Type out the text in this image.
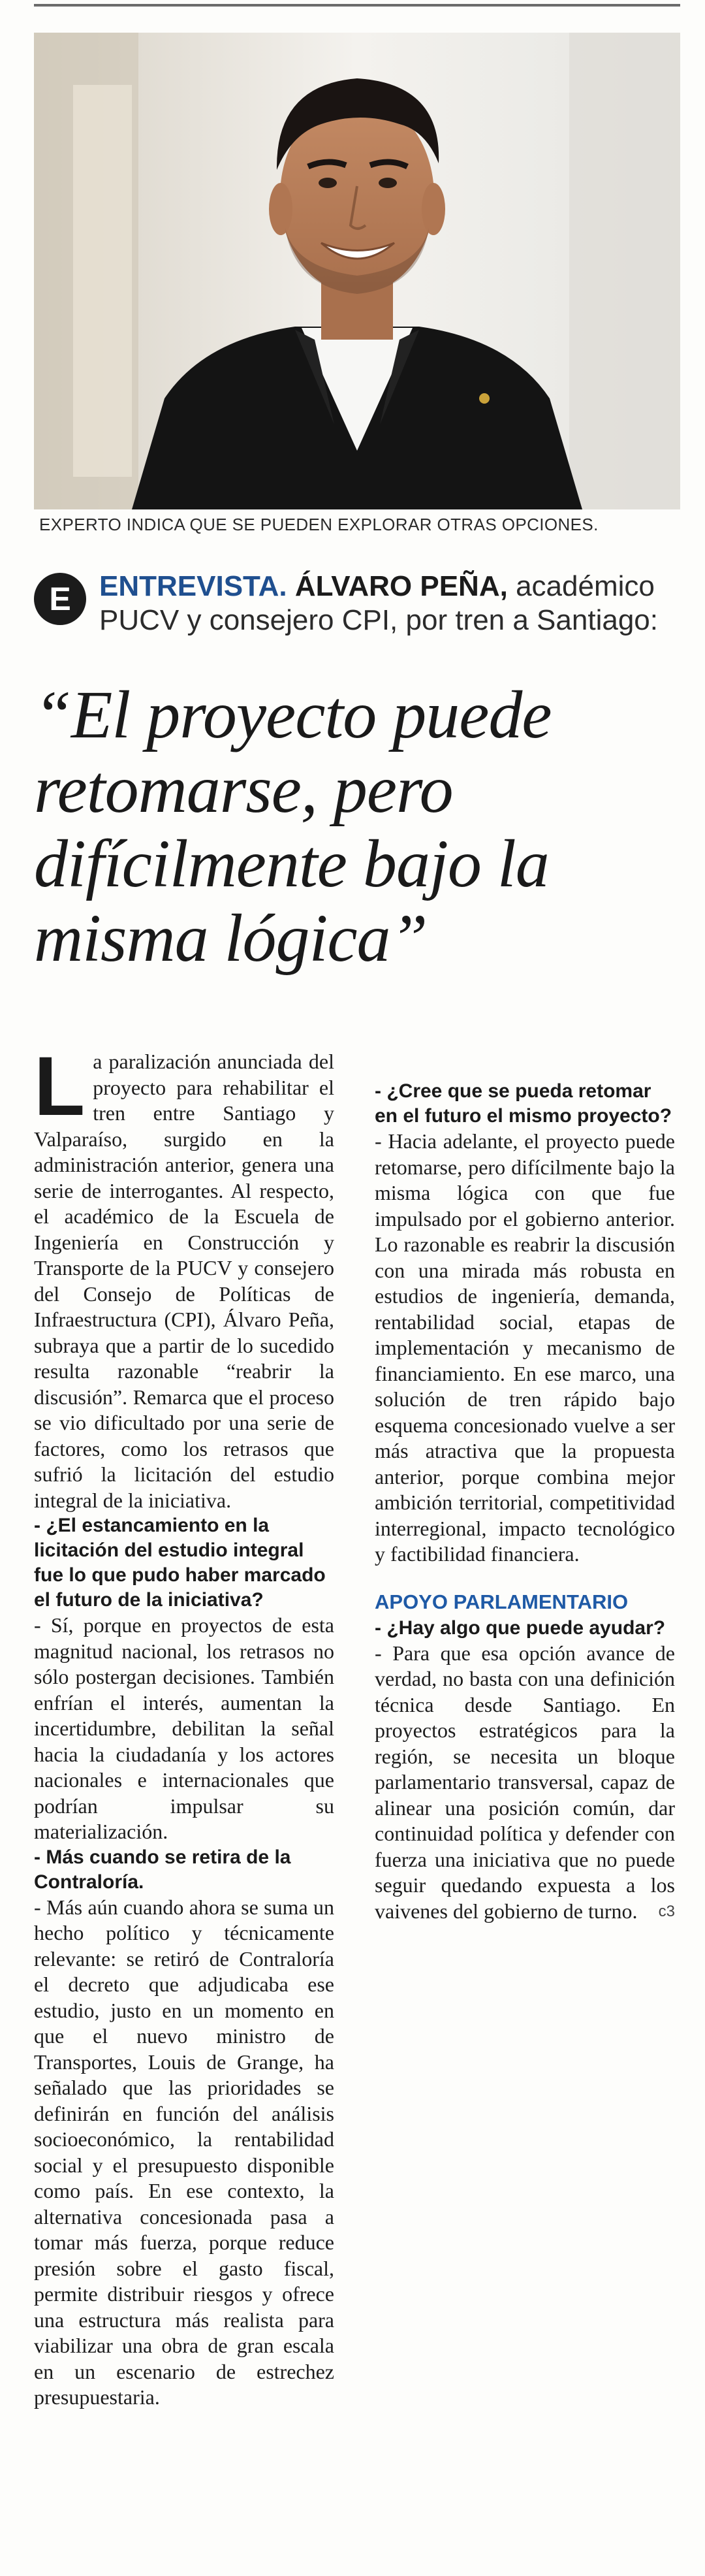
EXPERTO INDICA QUE SE PUEDEN EXPLORAR OTRAS OPCIONES.
E ENTREVISTA. ÁLVARO PEÑA, académico PUCV y consejero CPI, por tren a Santiago:
“El proyecto puede retomarse, pero difícilmente bajo la misma lógica”

La paralización anunciada del proyecto para rehabilitar el tren entre Santiago y Valparaíso, surgido en la administración anterior, genera una serie de interrogantes. Al respecto, el académico de la Escuela de Ingeniería en Construcción y Transporte de la PUCV y consejero del Consejo de Políticas de Infraestructura (CPI), Álvaro Peña, subraya que a partir de lo sucedido resulta razonable “reabrir la discusión”. Remarca que el proceso se vio dificultado por una serie de factores, como los retrasos que sufrió la licitación del estudio integral de la iniciativa.

- ¿El estancamiento en la licitación del estudio integral fue lo que pudo haber marcado el futuro de la iniciativa?

- Sí, porque en proyectos de esta magnitud nacional, los retrasos no sólo postergan decisiones. También enfrían el interés, aumentan la incertidumbre, debilitan la señal hacia la ciudadanía y los actores nacionales e internacionales que podrían impulsar su materialización.

- Más cuando se retira de la Contraloría.

- Más aún cuando ahora se suma un hecho político y técnicamente relevante: se retiró de Contraloría el decreto que adjudicaba ese estudio, justo en un momento en que el nuevo ministro de Transportes, Louis de Grange, ha señalado que las prioridades se definirán en función del análisis socioeconómico, la rentabilidad social y el presupuesto disponible como país. En ese contexto, la alternativa concesionada pasa a tomar más fuerza, porque reduce presión sobre el gasto fiscal, permite distribuir riesgos y ofrece una estructura más realista para viabilizar una obra de gran escala en un escenario de estrechez presupuestaria.

- ¿Cree que se pueda retomar en el futuro el mismo proyecto?

- Hacia adelante, el proyecto puede retomarse, pero difícilmente bajo la misma lógica con que fue impulsado por el gobierno anterior. Lo razonable es reabrir la discusión con una mirada más robusta en estudios de ingeniería, demanda, rentabilidad social, etapas de implementación y mecanismo de financiamiento. En ese marco, una solución de tren rápido bajo esquema concesionado vuelve a ser más atractiva que la propuesta anterior, porque combina mejor ambición territorial, competitividad interregional, impacto tecnológico y factibilidad financiera.

APOYO PARLAMENTARIO

- ¿Hay algo que puede ayudar?

- Para que esa opción avance de verdad, no basta con una definición técnica desde Santiago. En proyectos estratégicos para la región, se necesita un bloque parlamentario transversal, capaz de alinear una posición común, dar continuidad política y defender con fuerza una iniciativa que no puede seguir quedando expuesta a los vaivenes del gobierno de turno. c3
